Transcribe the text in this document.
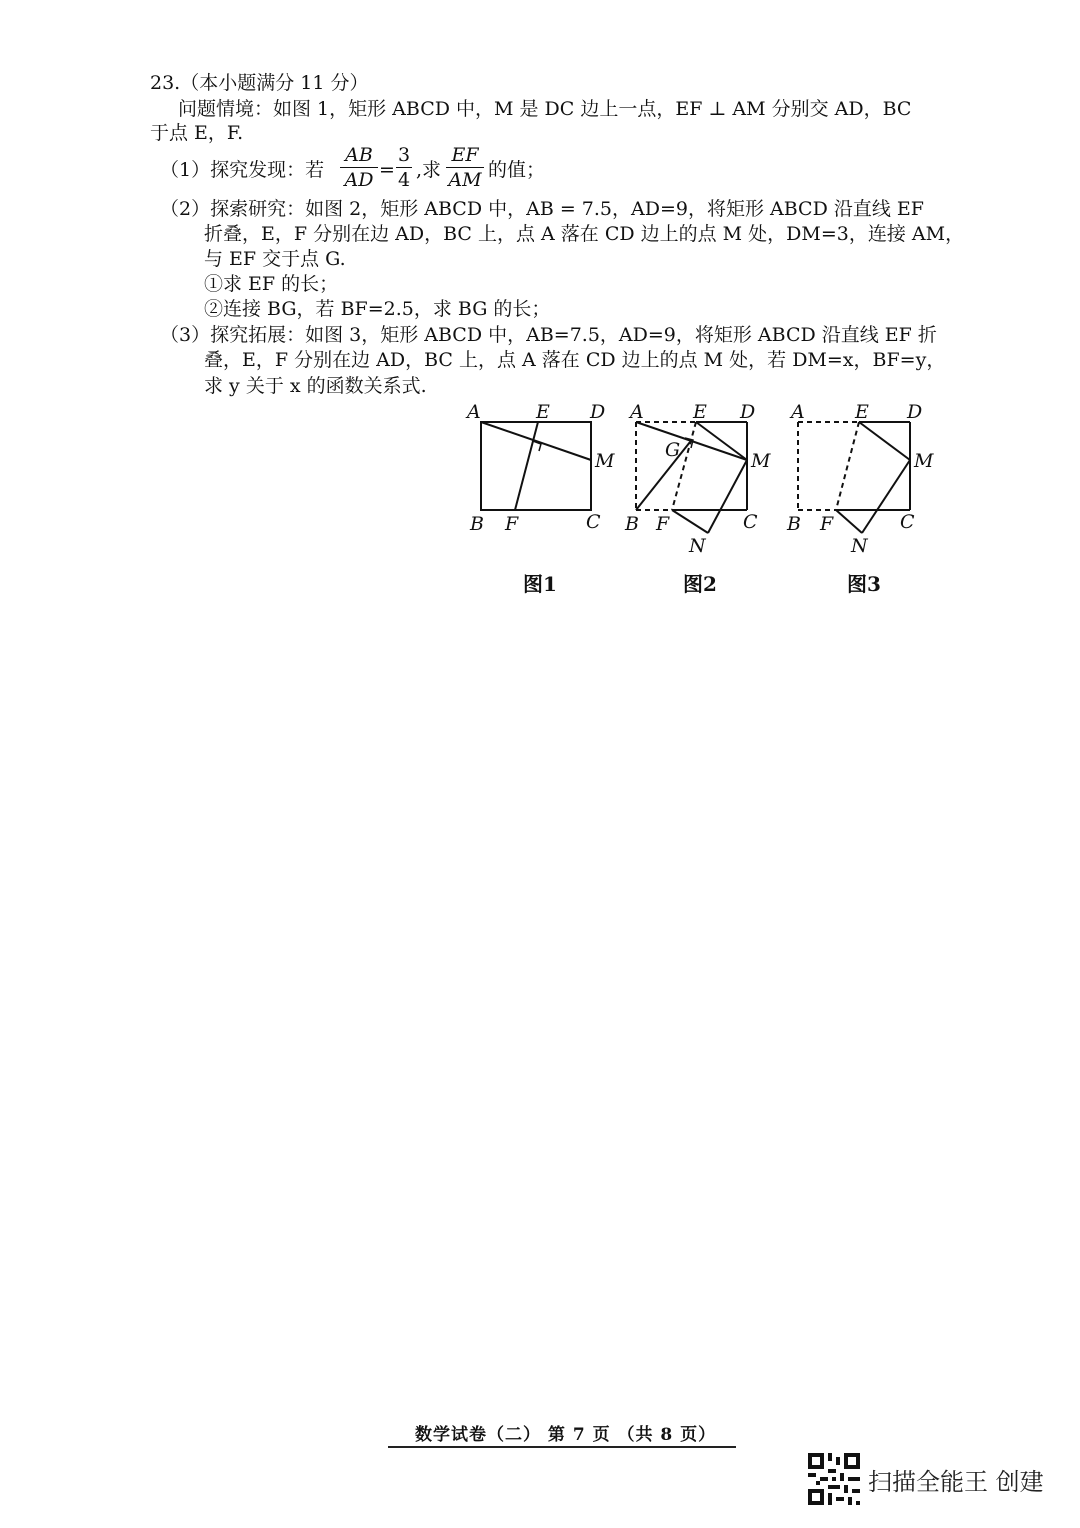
23.（本小题满分 11 分）
问题情境：如图 1，矩形 ABCD 中，M 是 DC 边上一点，EF ⊥ AM 分别交 AD，BC
于点 E，F.
（1）探究发现：若 $\frac{AB}{AD} = \frac{3}{4}$ ,求 $\frac{EF}{AM}$ 的值；
（2）探索研究：如图 2，矩形 ABCD 中，AB = 7.5，AD=9，将矩形 ABCD 沿直线 EF
折叠，E，F 分别在边 AD，BC 上，点 A 落在 CD 边上的点 M 处，DM=3，连接 AM，
与 EF 交于点 G.
①求 EF 的长；
②连接 BG，若 BF=2.5，求 BG 的长；
（3）探究拓展：如图 3，矩形 ABCD 中，AB=7.5，AD=9，将矩形 ABCD 沿直线 EF 折
叠，E，F 分别在边 AD，BC 上，点 A 落在 CD 边上的点 M 处，若 DM=x，BF=y，
求 y 关于 x 的函数关系式.
A	E D
M
B F	C
A	E D
G	M
B F	C
N
A	E D
M
B F	C
N
图1	图2	图3
数学试卷（二） 第 7 页 （共 8 页）
扫描全能王 创建
